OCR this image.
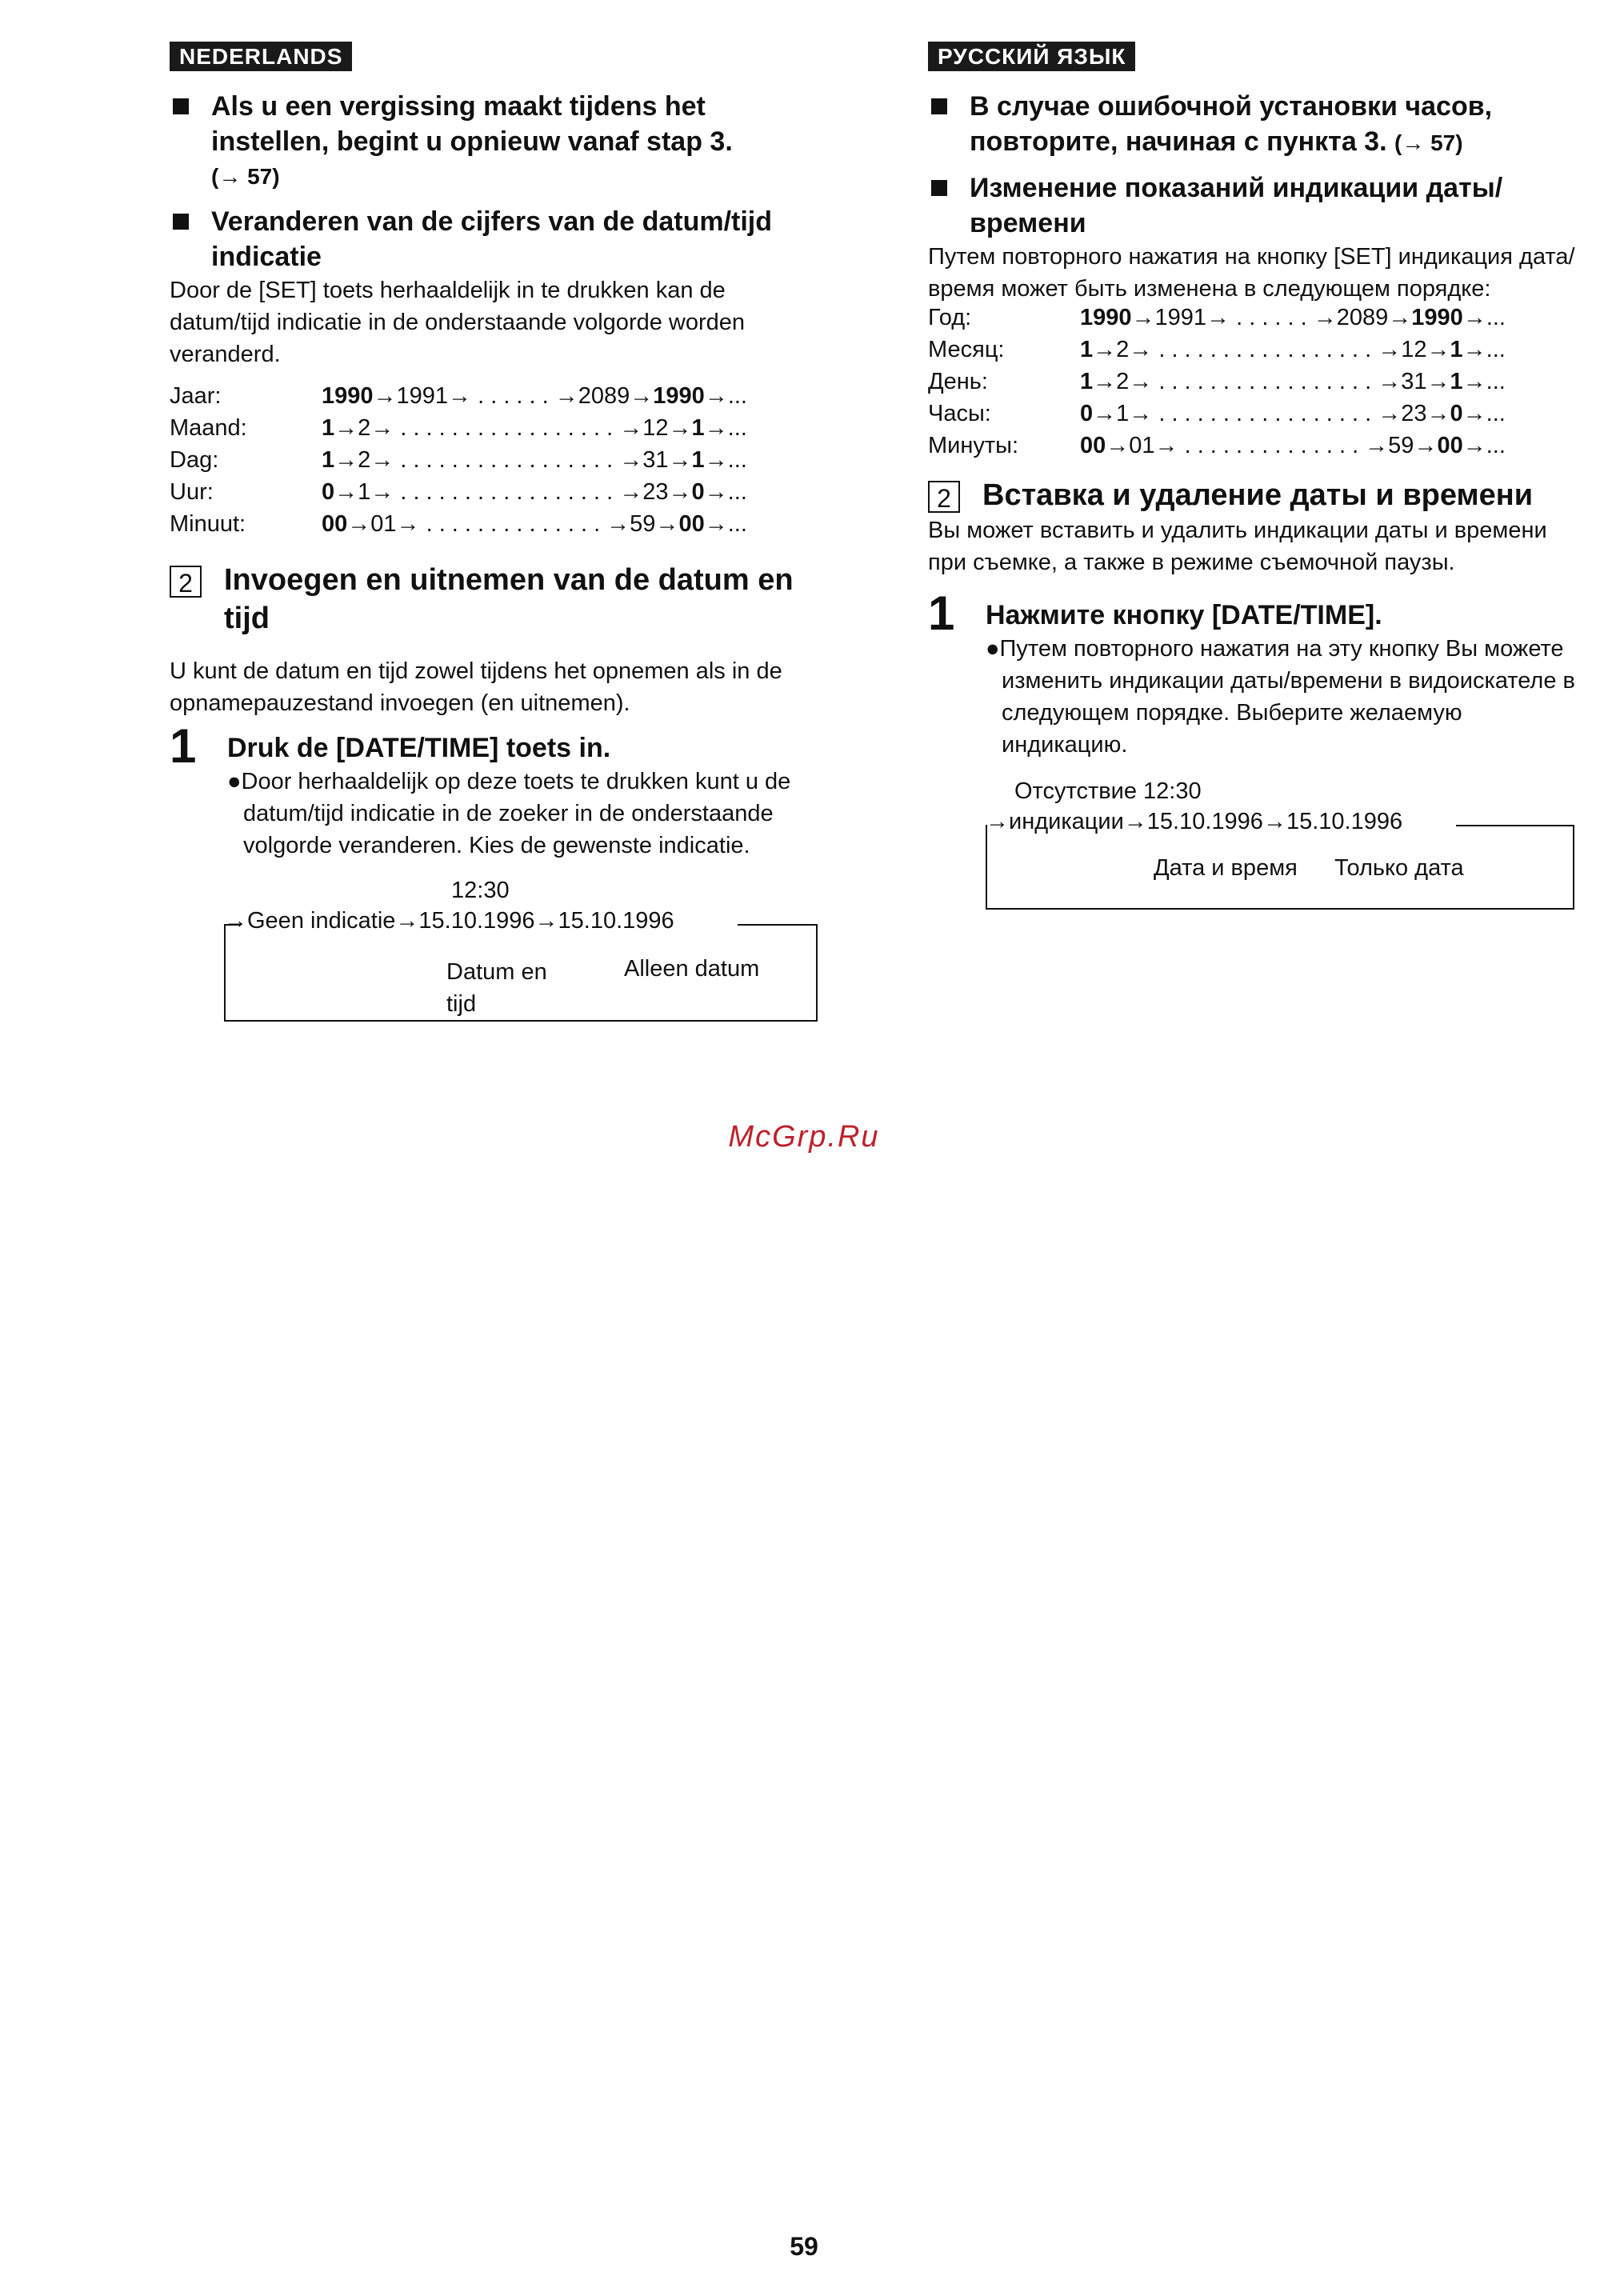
NEDERLANDS
Als u een vergissing maakt tijdens het instellen, begint u opnieuw vanaf stap 3.
(→ 57)
Veranderen van de cijfers van de datum/tijd indicatie

Door de [SET] toets herhaaldelijk in te drukken kan de datum/tijd indicatie in de onderstaande volgorde worden veranderd.

Jaar:	1990→1991→ . . . . . . →2089→1990→...
Maand:	1→2→ . . . . . . . . . . . . . . . . . →12→1→...
Dag:	1→2→ . . . . . . . . . . . . . . . . . →31→1→...
Uur:	0→1→ . . . . . . . . . . . . . . . . . →23→0→...
Minuut:	00→01→ . . . . . . . . . . . . . . →59→00→...
2 Invoegen en uitnemen van de datum en tijd

U kunt de datum en tijd zowel tijdens het opnemen als in de opnamepauzestand invoegen (en uitnemen).

1 Druk de [DATE/TIME] toets in.
●Door herhaaldelijk op deze toets te drukken kunt u de datum/tijd indicatie in de zoeker in de onderstaande volgorde veranderen. Kies de gewenste indicatie.
12:30
→Geen indicatie→15.10.1996→15.10.1996
Datum en tijd
Alleen datum
РУССКИЙ ЯЗЫК
В случае ошибочной установки часов, повторите, начиная с пункта 3. (→ 57)
Изменение показаний индикации даты/времени

Путем повторного нажатия на кнопку [SET] индикация дата/время может быть изменена в следующем порядке:

Год:	1990→1991→ . . . . . . →2089→1990→...
Месяц:	1→2→ . . . . . . . . . . . . . . . . . →12→1→...
День:	1→2→ . . . . . . . . . . . . . . . . . →31→1→...
Часы:	0→1→ . . . . . . . . . . . . . . . . . →23→0→...
Минуты:	00→01→ . . . . . . . . . . . . . . →59→00→...
2 Вставка и удаление даты и времени

Вы может вставить и удалить индикации даты и времени при съемке, а также в режиме съемочной паузы.

1 Нажмите кнопку [DATE/TIME].
●Путем повторного нажатия на эту кнопку Вы можете изменить индикации даты/времени в видоискателе в следующем порядке. Выберите желаемую индикацию.
Отсутствие 12:30
→индикации→15.10.1996→15.10.1996
Дата и время Только дата
McGrp.Ru
59
